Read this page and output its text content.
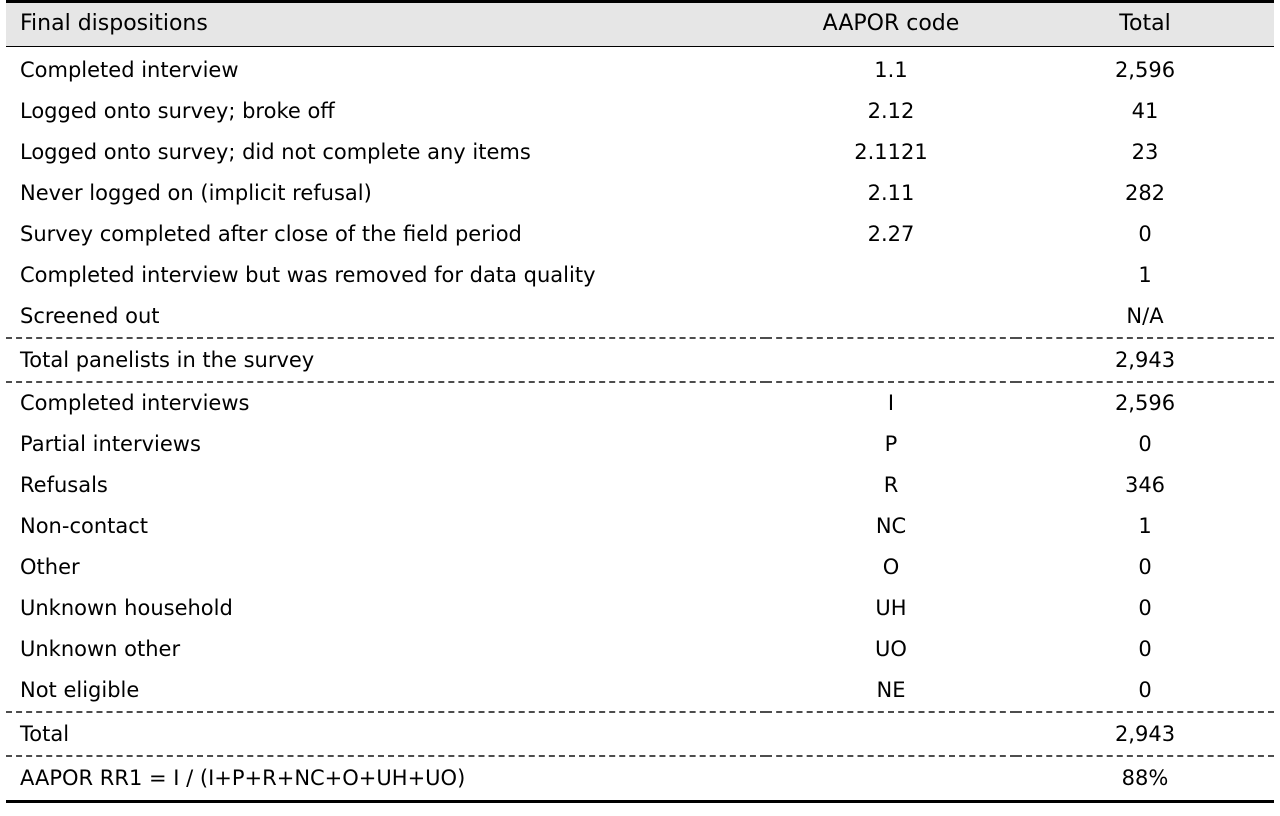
Final dispositions	AAPOR code	Total
Completed interview	1.1	2,596
Logged onto survey; broke off	2.12	41
Logged onto survey; did not complete any items	2.1121	23
Never logged on (implicit refusal)	2.11	282
Survey completed after close of the field period	2.27	0
Completed interview but was removed for data quality		1
Screened out		N/A
Total panelists in the survey		2,943
Completed interviews	I	2,596
Partial interviews	P	0
Refusals	R	346
Non-contact	NC	1
Other	O	0
Unknown household	UH	0
Unknown other	UO	0
Not eligible	NE	0
Total		2,943
AAPOR RR1 = I / (I+P+R+NC+O+UH+UO)		88%
